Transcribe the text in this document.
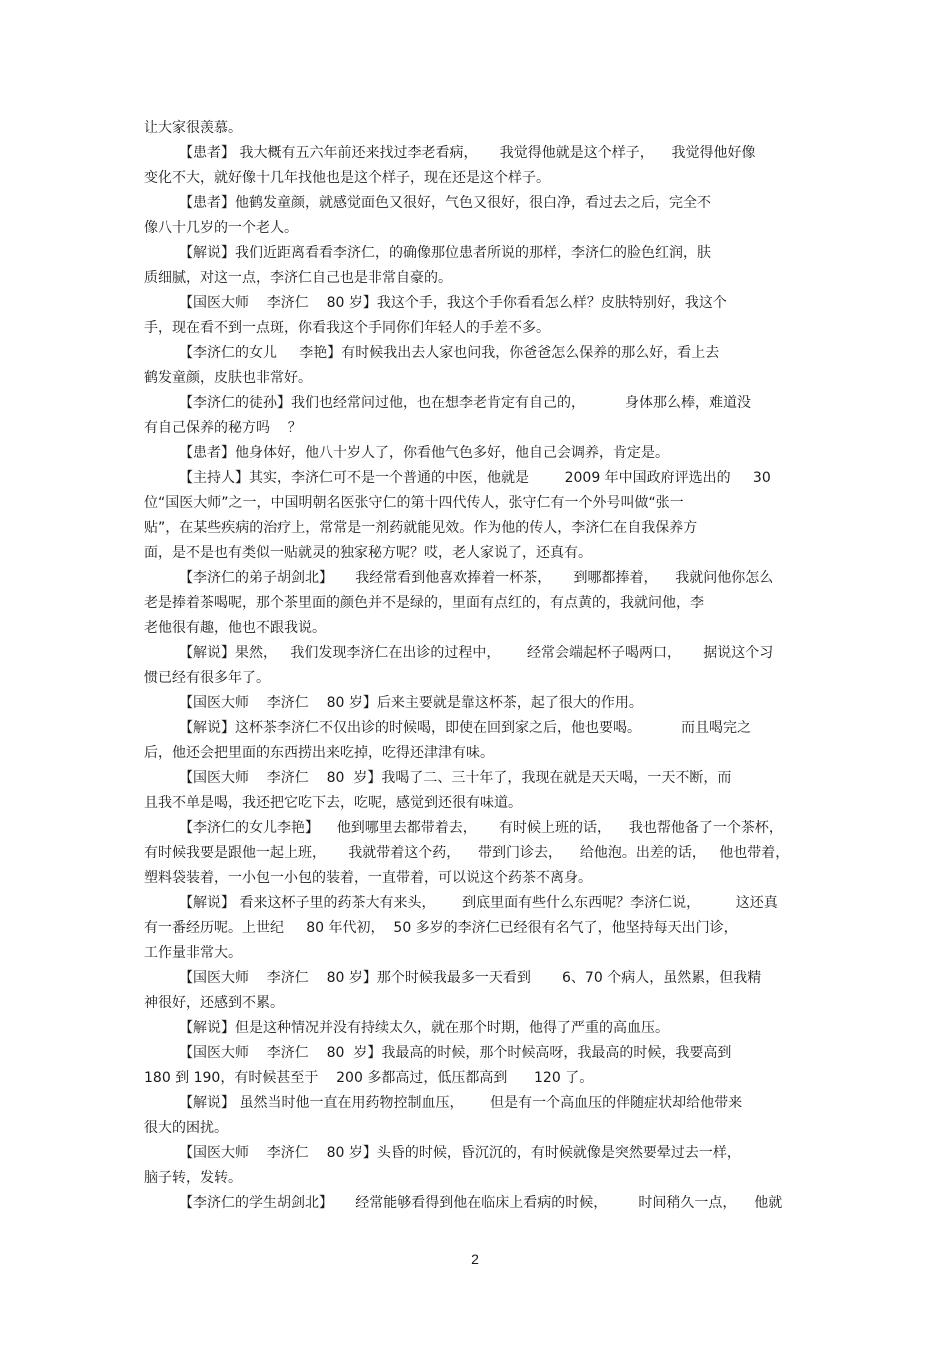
让大家很羡慕。
【患者】 我大概有五六年前还来找过李老看病，     我觉得他就是这个样子，    我觉得他好像
变化不大，就好像十几年找他也是这个样子，现在还是这个样子。
【患者】他鹤发童颜，就感觉面色又很好，气色又很好，很白净，看过去之后，完全不
像八十几岁的一个老人。
【解说】我们近距离看看李济仁，的确像那位患者所说的那样，李济仁的脸色红润，肤
质细腻，对这一点，李济仁自己也是非常自豪的。
【国医大师    李济仁    80 岁】我这个手，我这个手你看看怎么样？皮肤特别好，我这个
手，现在看不到一点斑，你看我这个手同你们年轻人的手差不多。
【李济仁的女儿     李艳】有时候我出去人家也问我，你爸爸怎么保养的那么好，看上去
鹤发童颜，皮肤也非常好。
【李济仁的徒孙】我们也经常问过他，也在想李老肯定有自己的，         身体那么棒，难道没
有自己保养的秘方吗    ？
【患者】他身体好，他八十岁人了，你看他气色多好，他自己会调养，肯定是。
【主持人】其实，李济仁可不是一个普通的中医，他就是        2009 年中国政府评选出的     30
位“国医大师”之一，中国明朝名医张守仁的第十四代传人，张守仁有一个外号叫做“张一
贴”，在某些疾病的治疗上，常常是一剂药就能见效。作为他的传人，李济仁在自我保养方
面，是不是也有类似一贴就灵的独家秘方呢？哎，老人家说了，还真有。
【李济仁的弟子胡剑北】     我经常看到他喜欢捧着一杯茶，     到哪都捧着，    我就问他你怎么
老是捧着茶喝呢，那个茶里面的颜色并不是绿的，里面有点红的，有点黄的，我就问他，李
老他很有趣，他也不跟我说。
【解说】果然，   我们发现李济仁在出诊的过程中，      经常会端起杯子喝两口，     据说这个习
惯已经有很多年了。
【国医大师    李济仁    80 岁】后来主要就是靠这杯茶，起了很大的作用。
【解说】这杯茶李济仁不仅出诊的时候喝，即使在回到家之后，他也要喝。         而且喝完之
后，他还会把里面的东西捞出来吃掉，吃得还津津有味。
【国医大师    李济仁    80  岁】我喝了二、三十年了，我现在就是天天喝，一天不断，而
且我不单是喝，我还把它吃下去，吃呢，感觉到还很有味道。
【李济仁的女儿李艳】    他到哪里去都带着去，     有时候上班的话，    我也帮他备了一个茶杯，
有时候我要是跟他一起上班，     我就带着这个药，    带到门诊去，    给他泡。出差的话，   他也带着，
塑料袋装着，一小包一小包的装着，一直带着，可以说这个药茶不离身。
【解说】 看来这杯子里的药茶大有来头，      到底里面有些什么东西呢？李济仁说，        这还真
有一番经历呢。上世纪     80 年代初，  50 多岁的李济仁已经很有名气了，他坚持每天出门诊，
工作量非常大。
【国医大师    李济仁    80 岁】那个时候我最多一天看到       6、70 个病人，虽然累，但我精
神很好，还感到不累。
【解说】但是这种情况并没有持续太久，就在那个时期，他得了严重的高血压。
【国医大师    李济仁    80  岁】我最高的时候，那个时候高呀，我最高的时候，我要高到
180 到 190，有时候甚至于    200 多都高过，低压都高到      120 了。
【解说】 虽然当时他一直在用药物控制血压，      但是有一个高血压的伴随症状却给他带来
很大的困扰。
【国医大师    李济仁    80 岁】头昏的时候，昏沉沉的，有时候就像是突然要晕过去一样，
脑子转，发转。
【李济仁的学生胡剑北】     经常能够看得到他在临床上看病的时候，       时间稍久一点，    他就
2
